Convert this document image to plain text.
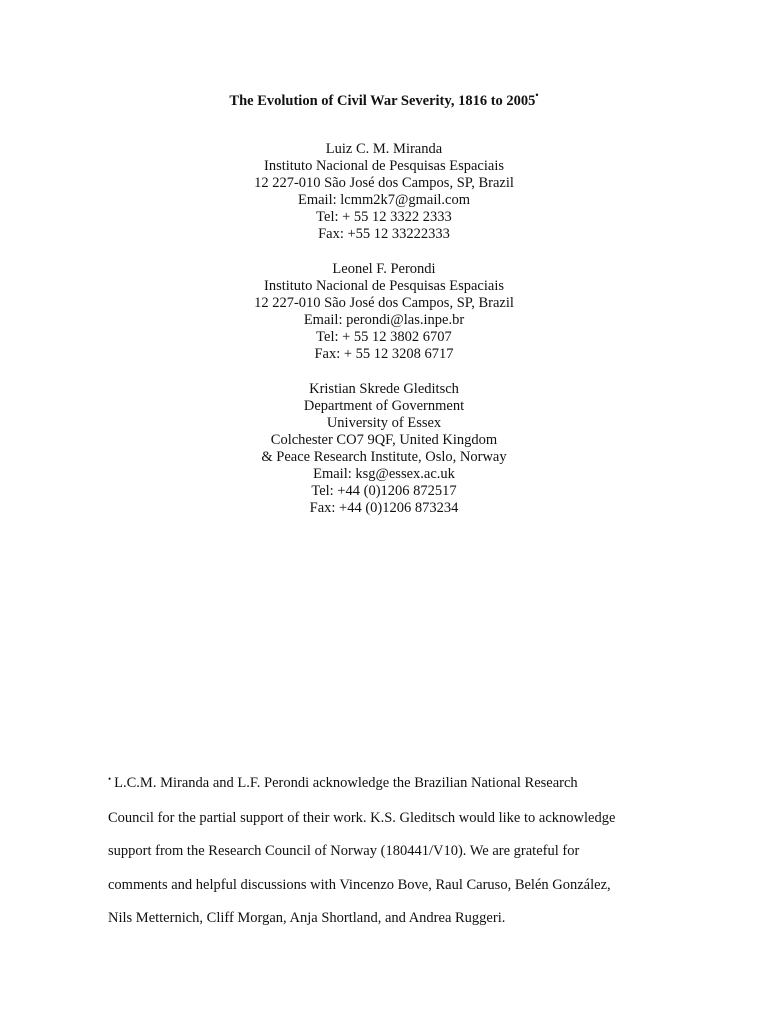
The Evolution of Civil War Severity, 1816 to 2005•
Luiz C. M. Miranda
Instituto Nacional de Pesquisas Espaciais
12 227-010 São José dos Campos, SP, Brazil
Email: lcmm2k7@gmail.com
Tel: + 55 12 3322 2333
Fax: +55 12 33222333
Leonel F. Perondi
Instituto Nacional de Pesquisas Espaciais
12 227-010 São José dos Campos, SP, Brazil
Email: perondi@las.inpe.br
Tel: + 55 12 3802 6707
Fax: + 55 12 3208 6717
Kristian Skrede Gleditsch
Department of Government
University of Essex
Colchester CO7 9QF, United Kingdom
& Peace Research Institute, Oslo, Norway
Email: ksg@essex.ac.uk
Tel: +44 (0)1206 872517
Fax: +44 (0)1206 873234
• L.C.M. Miranda and L.F. Perondi acknowledge the Brazilian National Research
Council for the partial support of their work. K.S. Gleditsch would like to acknowledge
support from the Research Council of Norway (180441/V10). We are grateful for
comments and helpful discussions with Vincenzo Bove, Raul Caruso, Belén González,
Nils Metternich, Cliff Morgan, Anja Shortland, and Andrea Ruggeri.
